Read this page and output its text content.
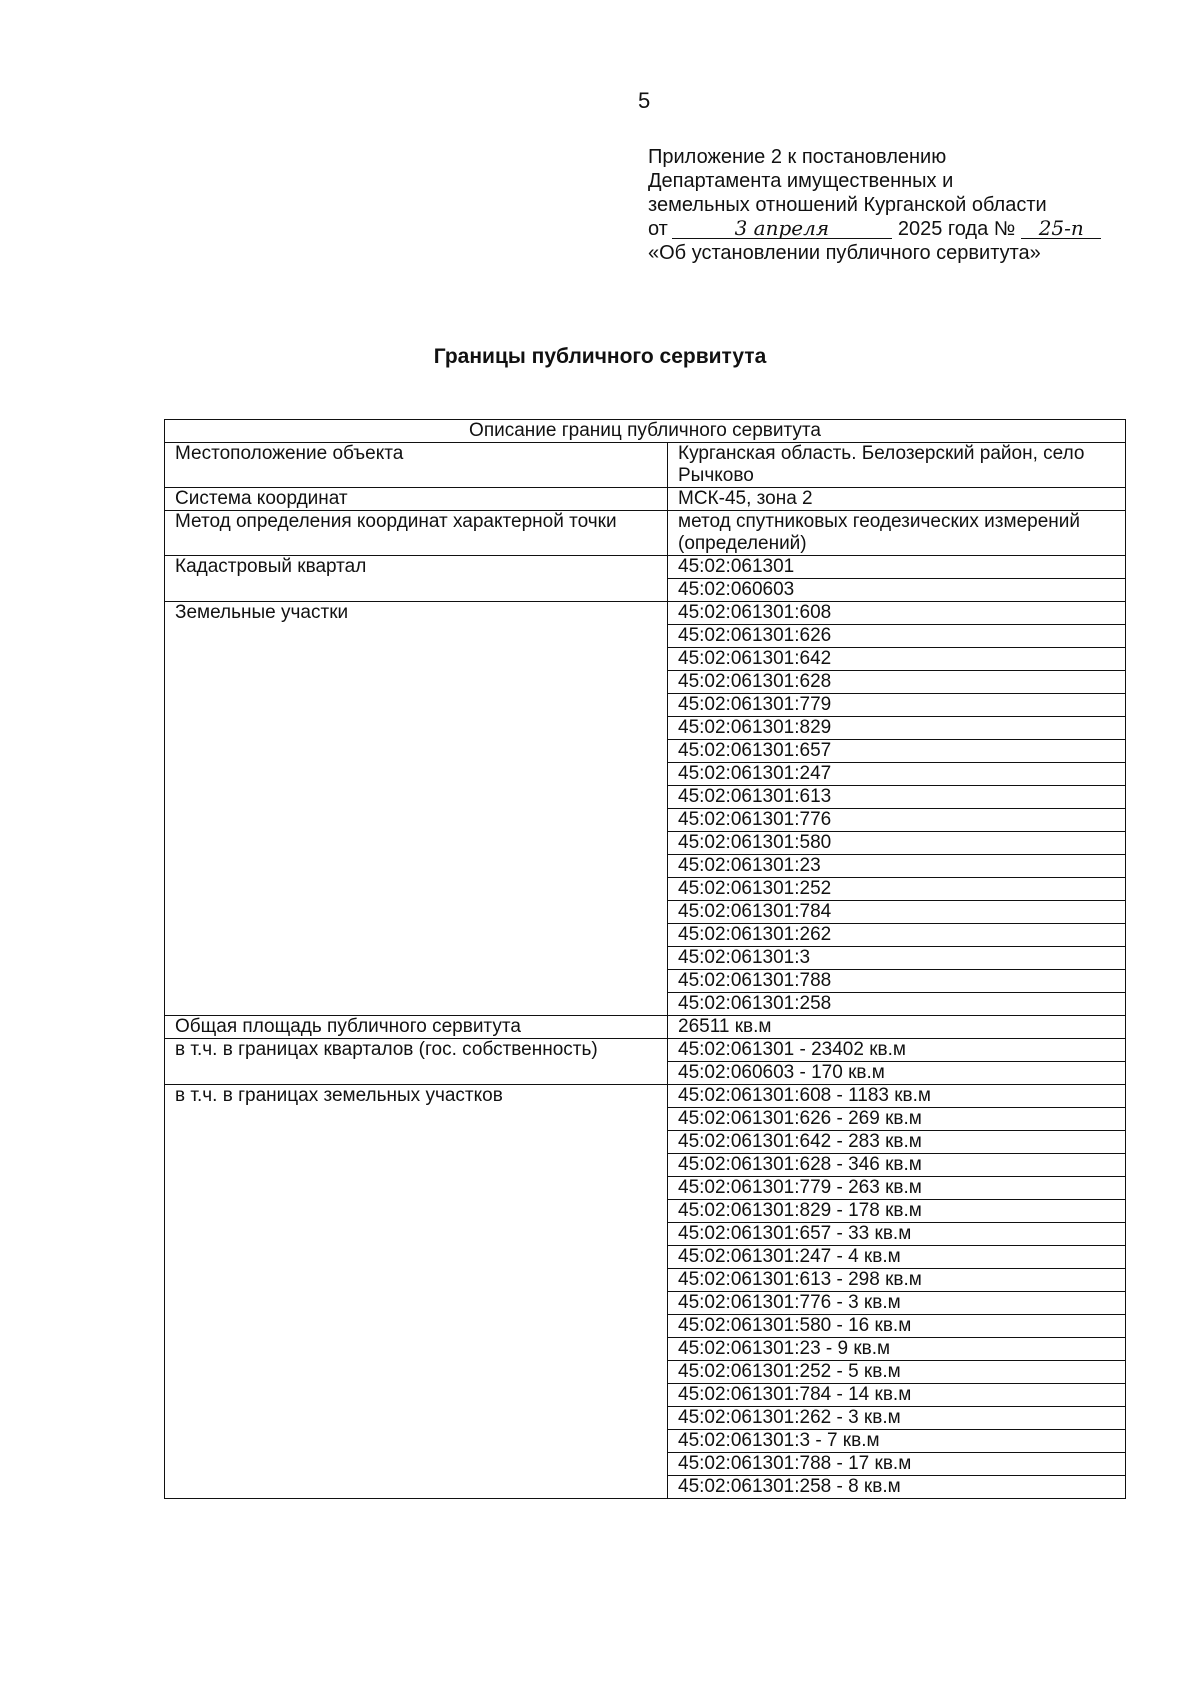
5
Приложение 2 к постановлению
Департамента имущественных и
земельных отношений Курганской области
от	3 апреля	2025 года № 25-п
«Об установлении публичного сервитута»
Границы публичного сервитута
Описание границ публичного сервитута	
Местоположение объекта	Курганская область. Белозерский район, село Рычково
Система координат	МСК-45, зона 2
Метод определения координат характерной точки	метод спутниковых геодезических измерений (определений)
Кадастровый квартал	45:02:061301
	45:02:060603
Земельные участки	45:02:061301:608
	45:02:061301:626
	45:02:061301:642
	45:02:061301:628
	45:02:061301:779
	45:02:061301:829
	45:02:061301:657
	45:02:061301:247
	45:02:061301:613
	45:02:061301:776
	45:02:061301:580
	45:02:061301:23
	45:02:061301:252
	45:02:061301:784
	45:02:061301:262
	45:02:061301:3
	45:02:061301:788
	45:02:061301:258
Общая площадь публичного сервитута	26511 кв.м
в т.ч. в границах кварталов (гос. собственность)	45:02:061301 - 23402 кв.м
	45:02:060603 - 170 кв.м
в т.ч. в границах земельных участков	45:02:061301:608 - 1183 кв.м
	45:02:061301:626 - 269 кв.м
	45:02:061301:642 - 283 кв.м
	45:02:061301:628 - 346 кв.м
	45:02:061301:779 - 263 кв.м
	45:02:061301:829 - 178 кв.м
	45:02:061301:657 - 33 кв.м
	45:02:061301:247 - 4 кв.м
	45:02:061301:613 - 298 кв.м
	45:02:061301:776 - 3 кв.м
	45:02:061301:580 - 16 кв.м
	45:02:061301:23 - 9 кв.м
	45:02:061301:252 - 5 кв.м
	45:02:061301:784 - 14 кв.м
	45:02:061301:262 - 3 кв.м
	45:02:061301:3 - 7 кв.м
	45:02:061301:788 - 17 кв.м
	45:02:061301:258 - 8 кв.м
